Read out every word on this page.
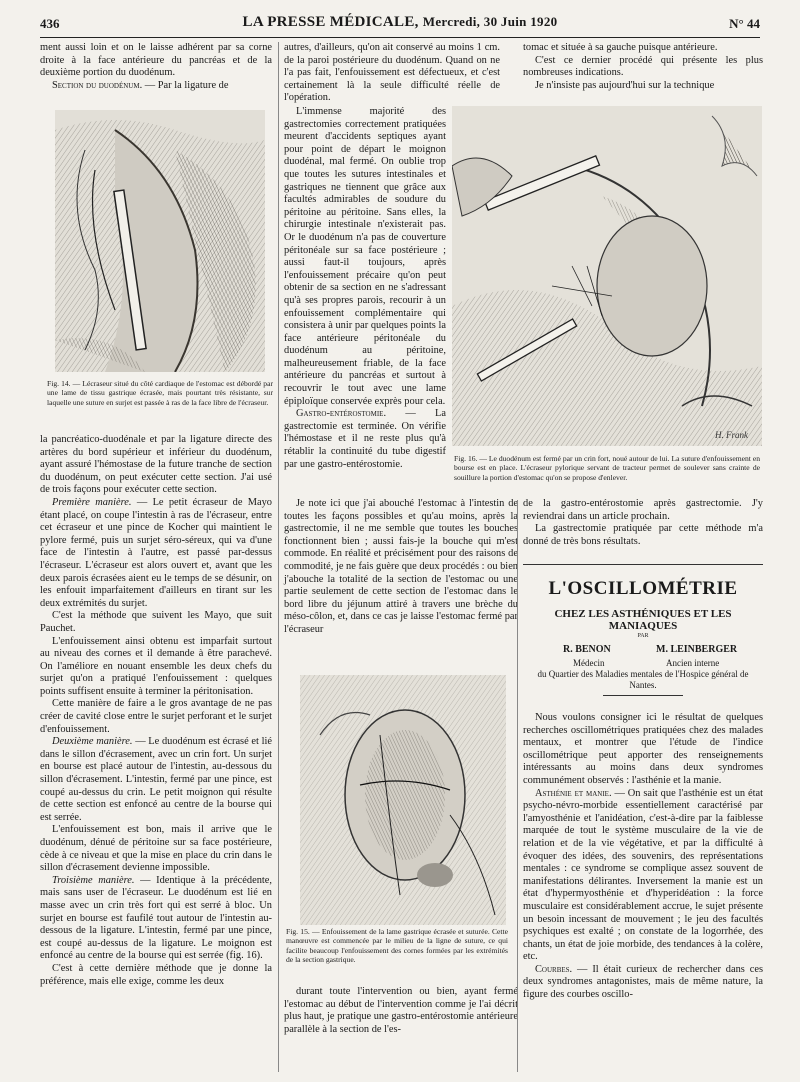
436	LA PRESSE MÉDICALE, Mercredi, 30 Juin 1920	N° 44

ment aussi loin et on le laisse adhérent par sa corne droite à la face antérieure du pancréas et de la deuxième portion du duodénum.

Section du duodénum. — Par la ligature de

Fig. 14. — Lécraseur situé du côté cardiaque de l'estomac est débordé par une lame de tissu gastrique écrasée, mais pourtant très résistante, sur laquelle une suture en surjet est passée à ras de la face libre de l'écraseur.

la pancréatico-duodénale et par la ligature directe des artères du bord supérieur et inférieur du duodénum, ayant assuré l'hémostase de la future tranche de section du duodénum, on peut exécuter cette section. J'ai usé de trois façons pour exécuter cette section.

Première manière. — Le petit écraseur de Mayo étant placé, on coupe l'intestin à ras de l'écraseur, entre cet écraseur et une pince de Kocher qui maintient le pylore fermé, puis un surjet séro-séreux, qui va d'une face de l'intestin à l'autre, est passé par-dessus l'écraseur. L'écraseur est alors ouvert et, avant que les deux parois écrasées aient eu le temps de se désunir, on les enfouit imparfaitement d'ailleurs en tirant sur les deux extrémités du surjet.

C'est la méthode que suivent les Mayo, que suit Pauchet.

L'enfouissement ainsi obtenu est imparfait surtout au niveau des cornes et il demande à être parachevé. On l'améliore en nouant ensemble les deux chefs du surjet qu'on a pratiqué l'enfouissement : quelques points suffisent ensuite à terminer la péritonisation.

Cette manière de faire a le gros avantage de ne pas créer de cavité close entre le surjet perforant et le surjet d'enfouissement.

Deuxième manière. — Le duodénum est écrasé et lié dans le sillon d'écrasement, avec un crin fort. Un surjet en bourse est placé autour de l'intestin, au-dessous du sillon d'écrasement. L'intestin, fermé par une pince, est coupé au-dessus du crin. Le petit moignon qui résulte de cette section est enfoncé au centre de la bourse qui est serrée.

L'enfouissement est bon, mais il arrive que le duodénum, dénué de péritoine sur sa face postérieure, cède à ce niveau et que la mise en place du crin dans le sillon d'écrasement devienne impossible.

Troisième manière. — Identique à la précédente, mais sans user de l'écraseur. Le duodénum est lié en masse avec un crin très fort qui est serré à bloc. Un surjet en bourse est faufilé tout autour de l'intestin au-dessous de la ligature. L'intestin, fermé par une pince, est coupé au-dessus de la ligature. Le moignon est enfoncé au centre de la bourse qui est serrée (fig. 16).

C'est à cette dernière méthode que je donne la préférence, mais elle exige, comme les deux

autres, d'ailleurs, qu'on ait conservé au moins 1 cm. de la paroi postérieure du duodénum. Quand on ne l'a pas fait, l'enfouissement est défectueux, et c'est certainement là la seule difficulté réelle de l'opération.

L'immense majorité des gastrectomies correctement pratiquées meurent d'accidents septiques ayant pour point de départ le moignon duodénal, mal fermé. On oublie trop que toutes les sutures intestinales et gastriques ne tiennent que grâce aux facultés admirables de soudure du péritoine au péritoine. Sans elles, la chirurgie intestinale n'existerait pas. Or le duodénum n'a pas de couverture péritonéale sur sa face postérieure ; aussi faut-il toujours, après l'enfouissement précaire qu'on peut obtenir de sa section en ne s'adressant qu'à ses propres parois, recourir à un enfouissement complémentaire qui consistera à unir par quelques points la face antérieure péritonéale du duodénum au péritoine, malheureusement friable, de la face antérieure du pancréas et surtout à recouvrir le tout avec une lame épiploïque conservée exprès pour cela.

Gastro-entérostomie. — La gastrectomie est terminée. On vérifie l'hémostase et il ne reste plus qu'à rétablir la continuité du tube digestif par une gastro-entérostomie.

Je note ici que j'ai abouché l'estomac à l'intestin de toutes les façons possibles et qu'au moins, après la gastrectomie, il ne me semble que toutes les bouches fonctionnent bien ; aussi fais-je la bouche qui m'est commode. En réalité et précisément pour des raisons de commodité, je ne fais guère que deux procédés : ou bien j'abouche la totalité de la section de l'estomac ou une partie seulement de cette section de l'estomac dans le bord libre du jéjunum attiré à travers une brèche du méso-côlon, et, dans ce cas je laisse l'estomac fermé par l'écraseur

Fig. 15. — Enfouissement de la lame gastrique écrasée et suturée. Cette manœuvre est commencée par le milieu de la ligne de suture, ce qui facilite beaucoup l'enfouissement des cornes formées par les extrémités de la section gastrique.

durant toute l'intervention ou bien, ayant fermé l'estomac au début de l'intervention comme je l'ai décrit plus haut, je pratique une gastro-entérostomie antérieure parallèle à la section de l'es-

tomac et située à sa gauche puisque antérieure.

C'est ce dernier procédé qui présente les plus nombreuses indications.

Je n'insiste pas aujourd'hui sur la technique

H. Frank
Fig. 16. — Le duodénum est fermé par un crin fort, noué autour de lui. La suture d'enfouissement en bourse est en place. L'écraseur pylorique servant de tracteur permet de soulever sans crainte de souillure la portion d'estomac qu'on se propose d'enlever.

de la gastro-entérostomie après gastrectomie. J'y reviendrai dans un article prochain.

La gastrectomie pratiquée par cette méthode m'a donné de très bons résultats.

L'OSCILLOMÉTRIE
CHEZ LES ASTHÉNIQUES ET LES MANIAQUES
PAR
R. BENON	M. LEINBERGER
Médecin	Ancien interne
du Quartier des Maladies mentales de l'Hospice général de Nantes.

Nous voulons consigner ici le résultat de quelques recherches oscillométriques pratiquées chez des malades mentaux, et montrer que l'étude de l'indice oscillométrique peut apporter des renseignements intéressants au moins dans deux syndromes communément observés : l'asthénie et la manie.

Asthénie et manie. — On sait que l'asthénie est un état psycho-névro-morbide essentiellement caractérisé par l'amyosthénie et l'anidéation, c'est-à-dire par la faiblesse marquée de tout le système musculaire de la vie de relation et de la vie végétative, et par la difficulté à évoquer des idées, des souvenirs, des représentations mentales : ce syndrome se complique assez souvent de manifestations délirantes. Inversement la manie est un état d'hypermyosthénie et d'hyperidéation : la force musculaire est considérablement accrue, le sujet présente un besoin incessant de mouvement ; le jeu des facultés psychiques est exalté ; on constate de la logorrhée, des chants, un état de joie morbide, des tendances à la colère, etc.

Courbes. — Il était curieux de rechercher dans ces deux syndromes antagonistes, mais de même nature, la figure des courbes oscillo-
